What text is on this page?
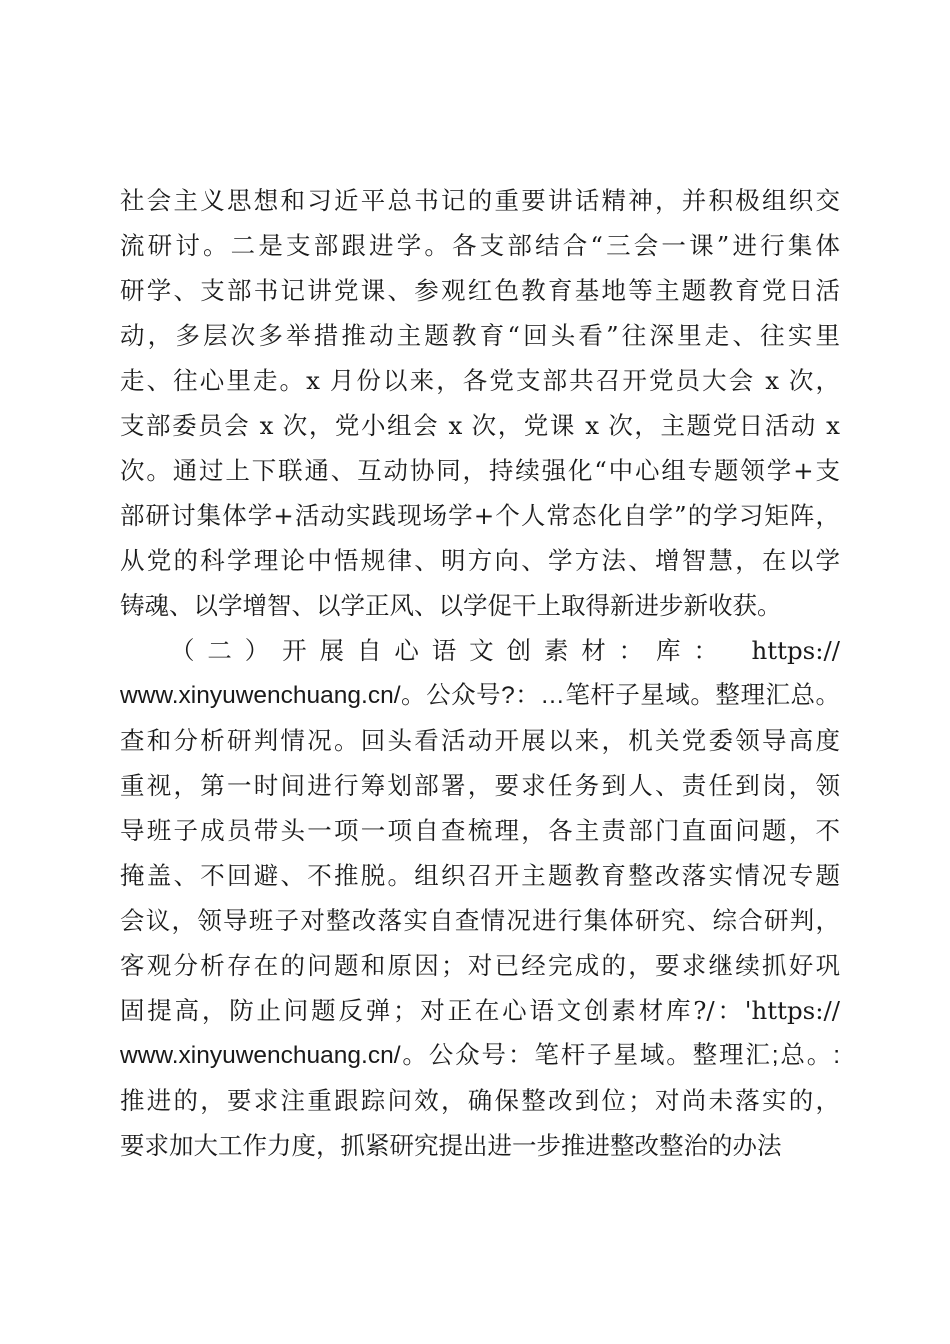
社会主义思想和习近平总书记的重要讲话精神，并积极组织交
流研讨。二是支部跟进学。各支部结合“三会一课”进行集体
研学、支部书记讲党课、参观红色教育基地等主题教育党日活
动，多层次多举措推动主题教育“回头看”往深里走、往实里
走、往心里走。x 月份以来，各党支部共召开党员大会 x 次，
支部委员会 x 次，党小组会 x 次，党课 x 次，主题党日活动 x
次。通过上下联通、互动协同，持续强化“中心组专题领学+支
部研讨集体学+活动实践现场学+个人常态化自学”的学习矩阵，
从党的科学理论中悟规律、明方向、学方法、增智慧，在以学
铸魂、以学增智、以学正风、以学促干上取得新进步新收获。
（二）开展自心语文创素材：库： https://
www.xinyuwenchuang.cn/。公众号?：…笔杆子星域。整理汇总。
查和分析研判情况。回头看活动开展以来，机关党委领导高度
重视，第一时间进行筹划部署，要求任务到人、责任到岗，领
导班子成员带头一项一项自查梳理，各主责部门直面问题，不
掩盖、不回避、不推脱。组织召开主题教育整改落实情况专题
会议，领导班子对整改落实自查情况进行集体研究、综合研判，
客观分析存在的问题和原因；对已经完成的，要求继续抓好巩
固提高，防止问题反弹；对正在心语文创素材库?/：'https://
www.xinyuwenchuang.cn/。公众号：笔杆子星域。整理汇;总。:
推进的，要求注重跟踪问效，确保整改到位；对尚未落实的，
要求加大工作力度，抓紧研究提出进一步推进整改整治的办法
